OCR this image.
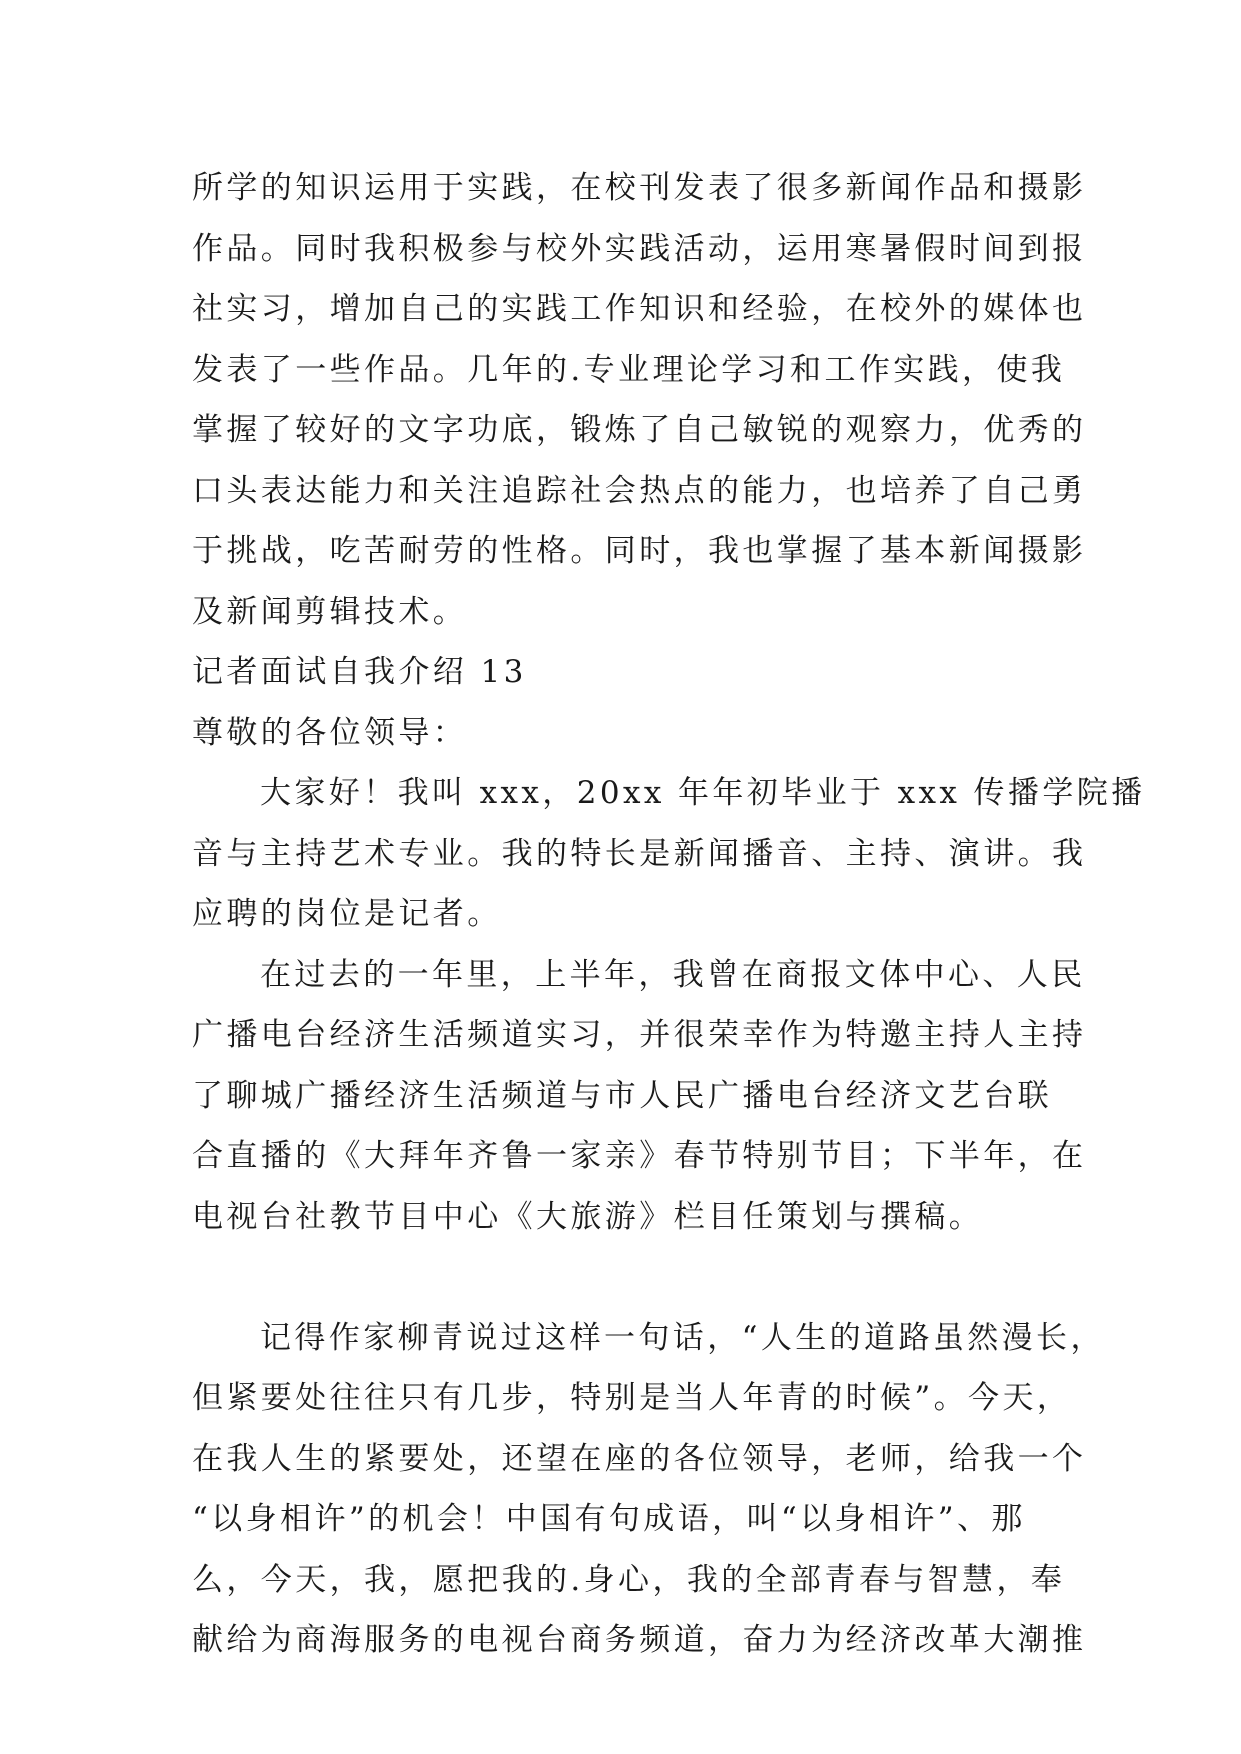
所学的知识运用于实践，在校刊发表了很多新闻作品和摄影
作品。同时我积极参与校外实践活动，运用寒暑假时间到报
社实习，增加自己的实践工作知识和经验，在校外的媒体也
发表了一些作品。几年的.专业理论学习和工作实践，使我
掌握了较好的文字功底，锻炼了自己敏锐的观察力，优秀的
口头表达能力和关注追踪社会热点的能力，也培养了自己勇
于挑战，吃苦耐劳的性格。同时，我也掌握了基本新闻摄影
及新闻剪辑技术。
记者面试自我介绍 13
尊敬的各位领导：
大家好！我叫 xxx，20xx 年年初毕业于 xxx 传播学院播
音与主持艺术专业。我的特长是新闻播音、主持、演讲。我
应聘的岗位是记者。
在过去的一年里，上半年，我曾在商报文体中心、人民
广播电台经济生活频道实习，并很荣幸作为特邀主持人主持
了聊城广播经济生活频道与市人民广播电台经济文艺台联
合直播的《大拜年齐鲁一家亲》春节特别节目；下半年，在
电视台社教节目中心《大旅游》栏目任策划与撰稿。
记得作家柳青说过这样一句话，“人生的道路虽然漫长，
但紧要处往往只有几步，特别是当人年青的时候”。今天，
在我人生的紧要处，还望在座的各位领导，老师，给我一个
“以身相许”的机会！中国有句成语，叫“以身相许”、那
么，今天，我，愿把我的.身心，我的全部青春与智慧，奉
献给为商海服务的电视台商务频道，奋力为经济改革大潮推
